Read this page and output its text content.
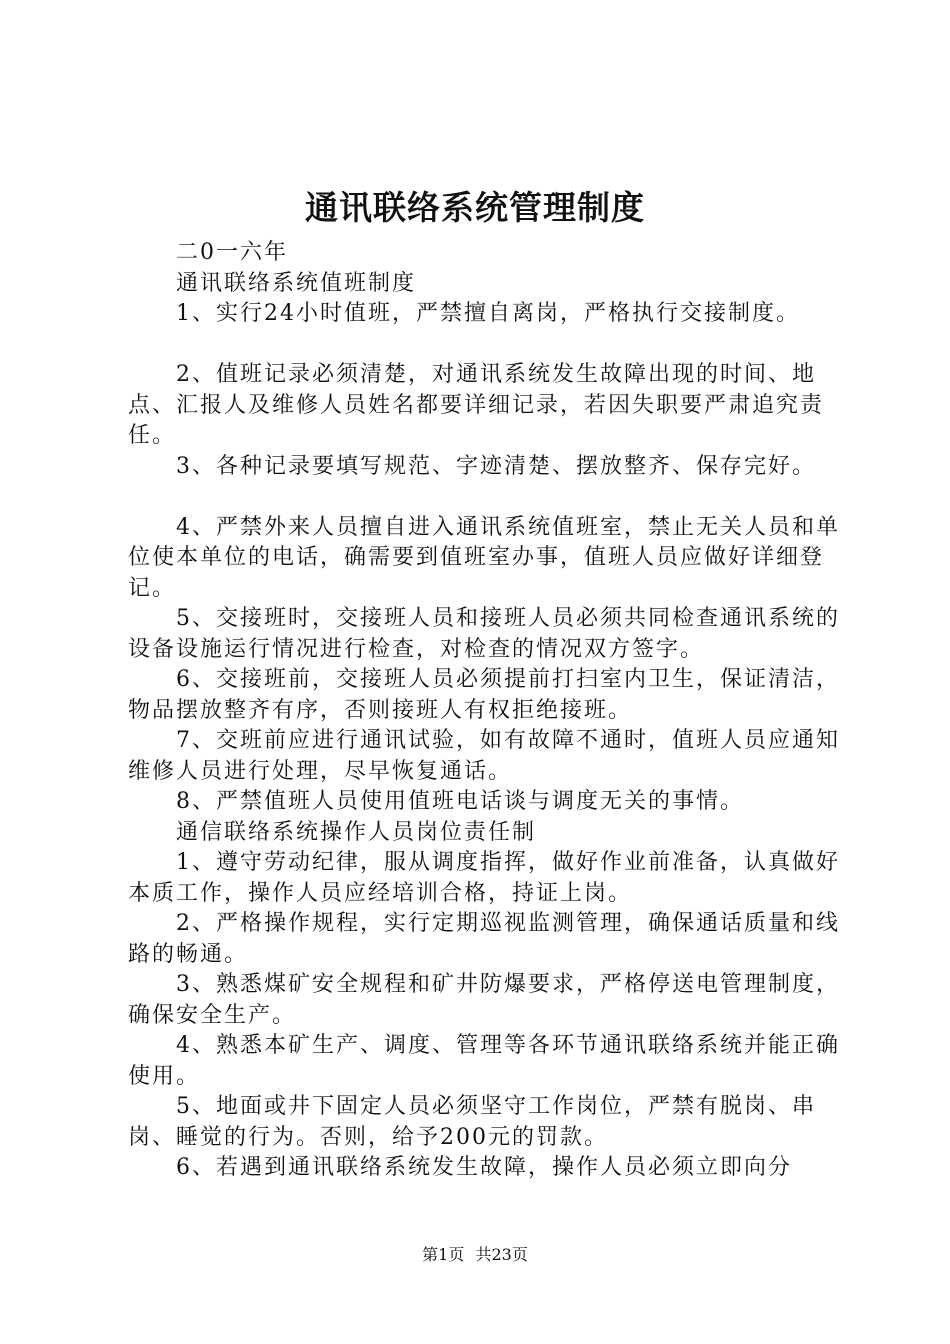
通讯联络系统管理制度

二0一六年

通讯联络系统值班制度

1、实行24小时值班，严禁擅自离岗，严格执行交接制度。

2、值班记录必须清楚，对通讯系统发生故障出现的时间、地点、汇报人及维修人员姓名都要详细记录，若因失职要严肃追究责任。

3、各种记录要填写规范、字迹清楚、摆放整齐、保存完好。

4、严禁外来人员擅自进入通讯系统值班室，禁止无关人员和单位使本单位的电话，确需要到值班室办事，值班人员应做好详细登记。

5、交接班时，交接班人员和接班人员必须共同检查通讯系统的设备设施运行情况进行检查，对检查的情况双方签字。

6、交接班前，交接班人员必须提前打扫室内卫生，保证清洁，物品摆放整齐有序，否则接班人有权拒绝接班。

7、交班前应进行通讯试验，如有故障不通时，值班人员应通知维修人员进行处理，尽早恢复通话。

8、严禁值班人员使用值班电话谈与调度无关的事情。

通信联络系统操作人员岗位责任制

1、遵守劳动纪律，服从调度指挥，做好作业前准备，认真做好本质工作，操作人员应经培训合格，持证上岗。

2、严格操作规程，实行定期巡视监测管理，确保通话质量和线路的畅通。

3、熟悉煤矿安全规程和矿井防爆要求，严格停送电管理制度，确保安全生产。

4、熟悉本矿生产、调度、管理等各环节通讯联络系统并能正确使用。

5、地面或井下固定人员必须坚守工作岗位，严禁有脱岗、串岗、睡觉的行为。否则，给予200元的罚款。

6、若遇到通讯联络系统发生故障，操作人员必须立即向分

第1页 共23页
